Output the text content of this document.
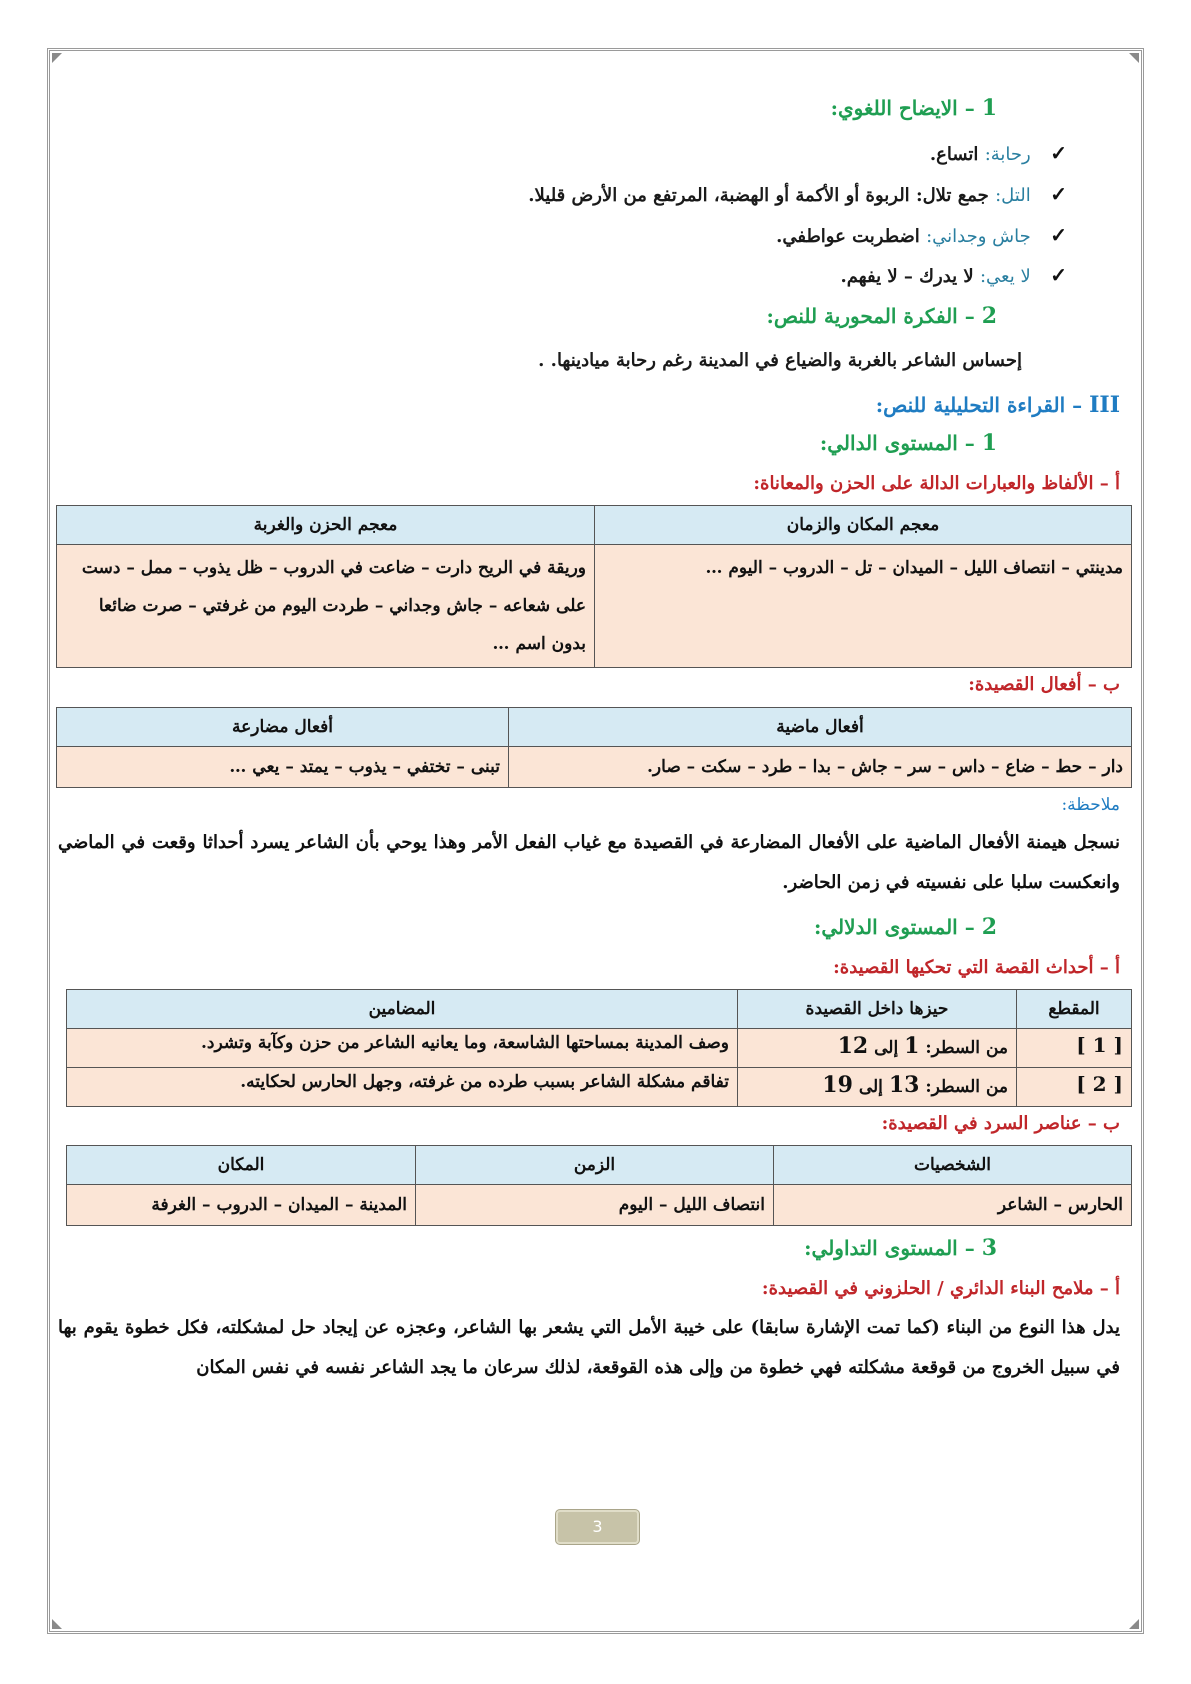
1 – الايضاح اللغوي:
✓ رحابة: اتساع.
✓ التل: جمع تلال: الربوة أو الأكمة أو الهضبة، المرتفع من الأرض قليلا.
✓ جاش وجداني: اضطربت عواطفي.
✓ لا يعي: لا يدرك – لا يفهم.
2 – الفكرة المحورية للنص:
إحساس الشاعر بالغربة والضياع في المدينة رغم رحابة ميادينها. .
III – القراءة التحليلية للنص:
1 – المستوى الدالي:
أ – الألفاظ والعبارات الدالة على الحزن والمعاناة:
معجم المكان والزمان	معجم الحزن والغربة
مدينتي – انتصاف الليل – الميدان – تل – الدروب – اليوم …	وريقة في الريح دارت – ضاعت في الدروب – ظل يذوب – ممل – دست على شعاعه – جاش وجداني – طردت اليوم من غرفتي – صرت ضائعا بدون اسم …
ب – أفعال القصيدة:
أفعال ماضية	أفعال مضارعة
دار – حط – ضاع – داس – سر – جاش – بدا – طرد – سكت – صار.	تبنى – تختفي – يذوب – يمتد – يعي …
ملاحظة:
نسجل هيمنة الأفعال الماضية على الأفعال المضارعة في القصيدة مع غياب الفعل الأمر وهذا يوحي بأن الشاعر يسرد أحداثا وقعت في الماضي وانعكست سلبا على نفسيته في زمن الحاضر.
2 – المستوى الدلالي:
أ – أحداث القصة التي تحكيها القصيدة:
المقطع	حيزها داخل القصيدة	المضامين
[ 1 ]	من السطر: 1 إلى 12	وصف المدينة بمساحتها الشاسعة، وما يعانيه الشاعر من حزن وكآبة وتشرد.
[ 2 ]	من السطر: 13 إلى 19	تفاقم مشكلة الشاعر بسبب طرده من غرفته، وجهل الحارس لحكايته.
ب – عناصر السرد في القصيدة:
الشخصيات	الزمن	المكان
الحارس – الشاعر	انتصاف الليل – اليوم	المدينة – الميدان – الدروب – الغرفة
3 – المستوى التداولي:
أ – ملامح البناء الدائري / الحلزوني في القصيدة:
يدل هذا النوع من البناء (كما تمت الإشارة سابقا) على خيبة الأمل التي يشعر بها الشاعر، وعجزه عن إيجاد حل لمشكلته، فكل خطوة يقوم بها في سبيل الخروج من قوقعة مشكلته فهي خطوة من وإلى هذه القوقعة، لذلك سرعان ما يجد الشاعر نفسه في نفس المكان
3
